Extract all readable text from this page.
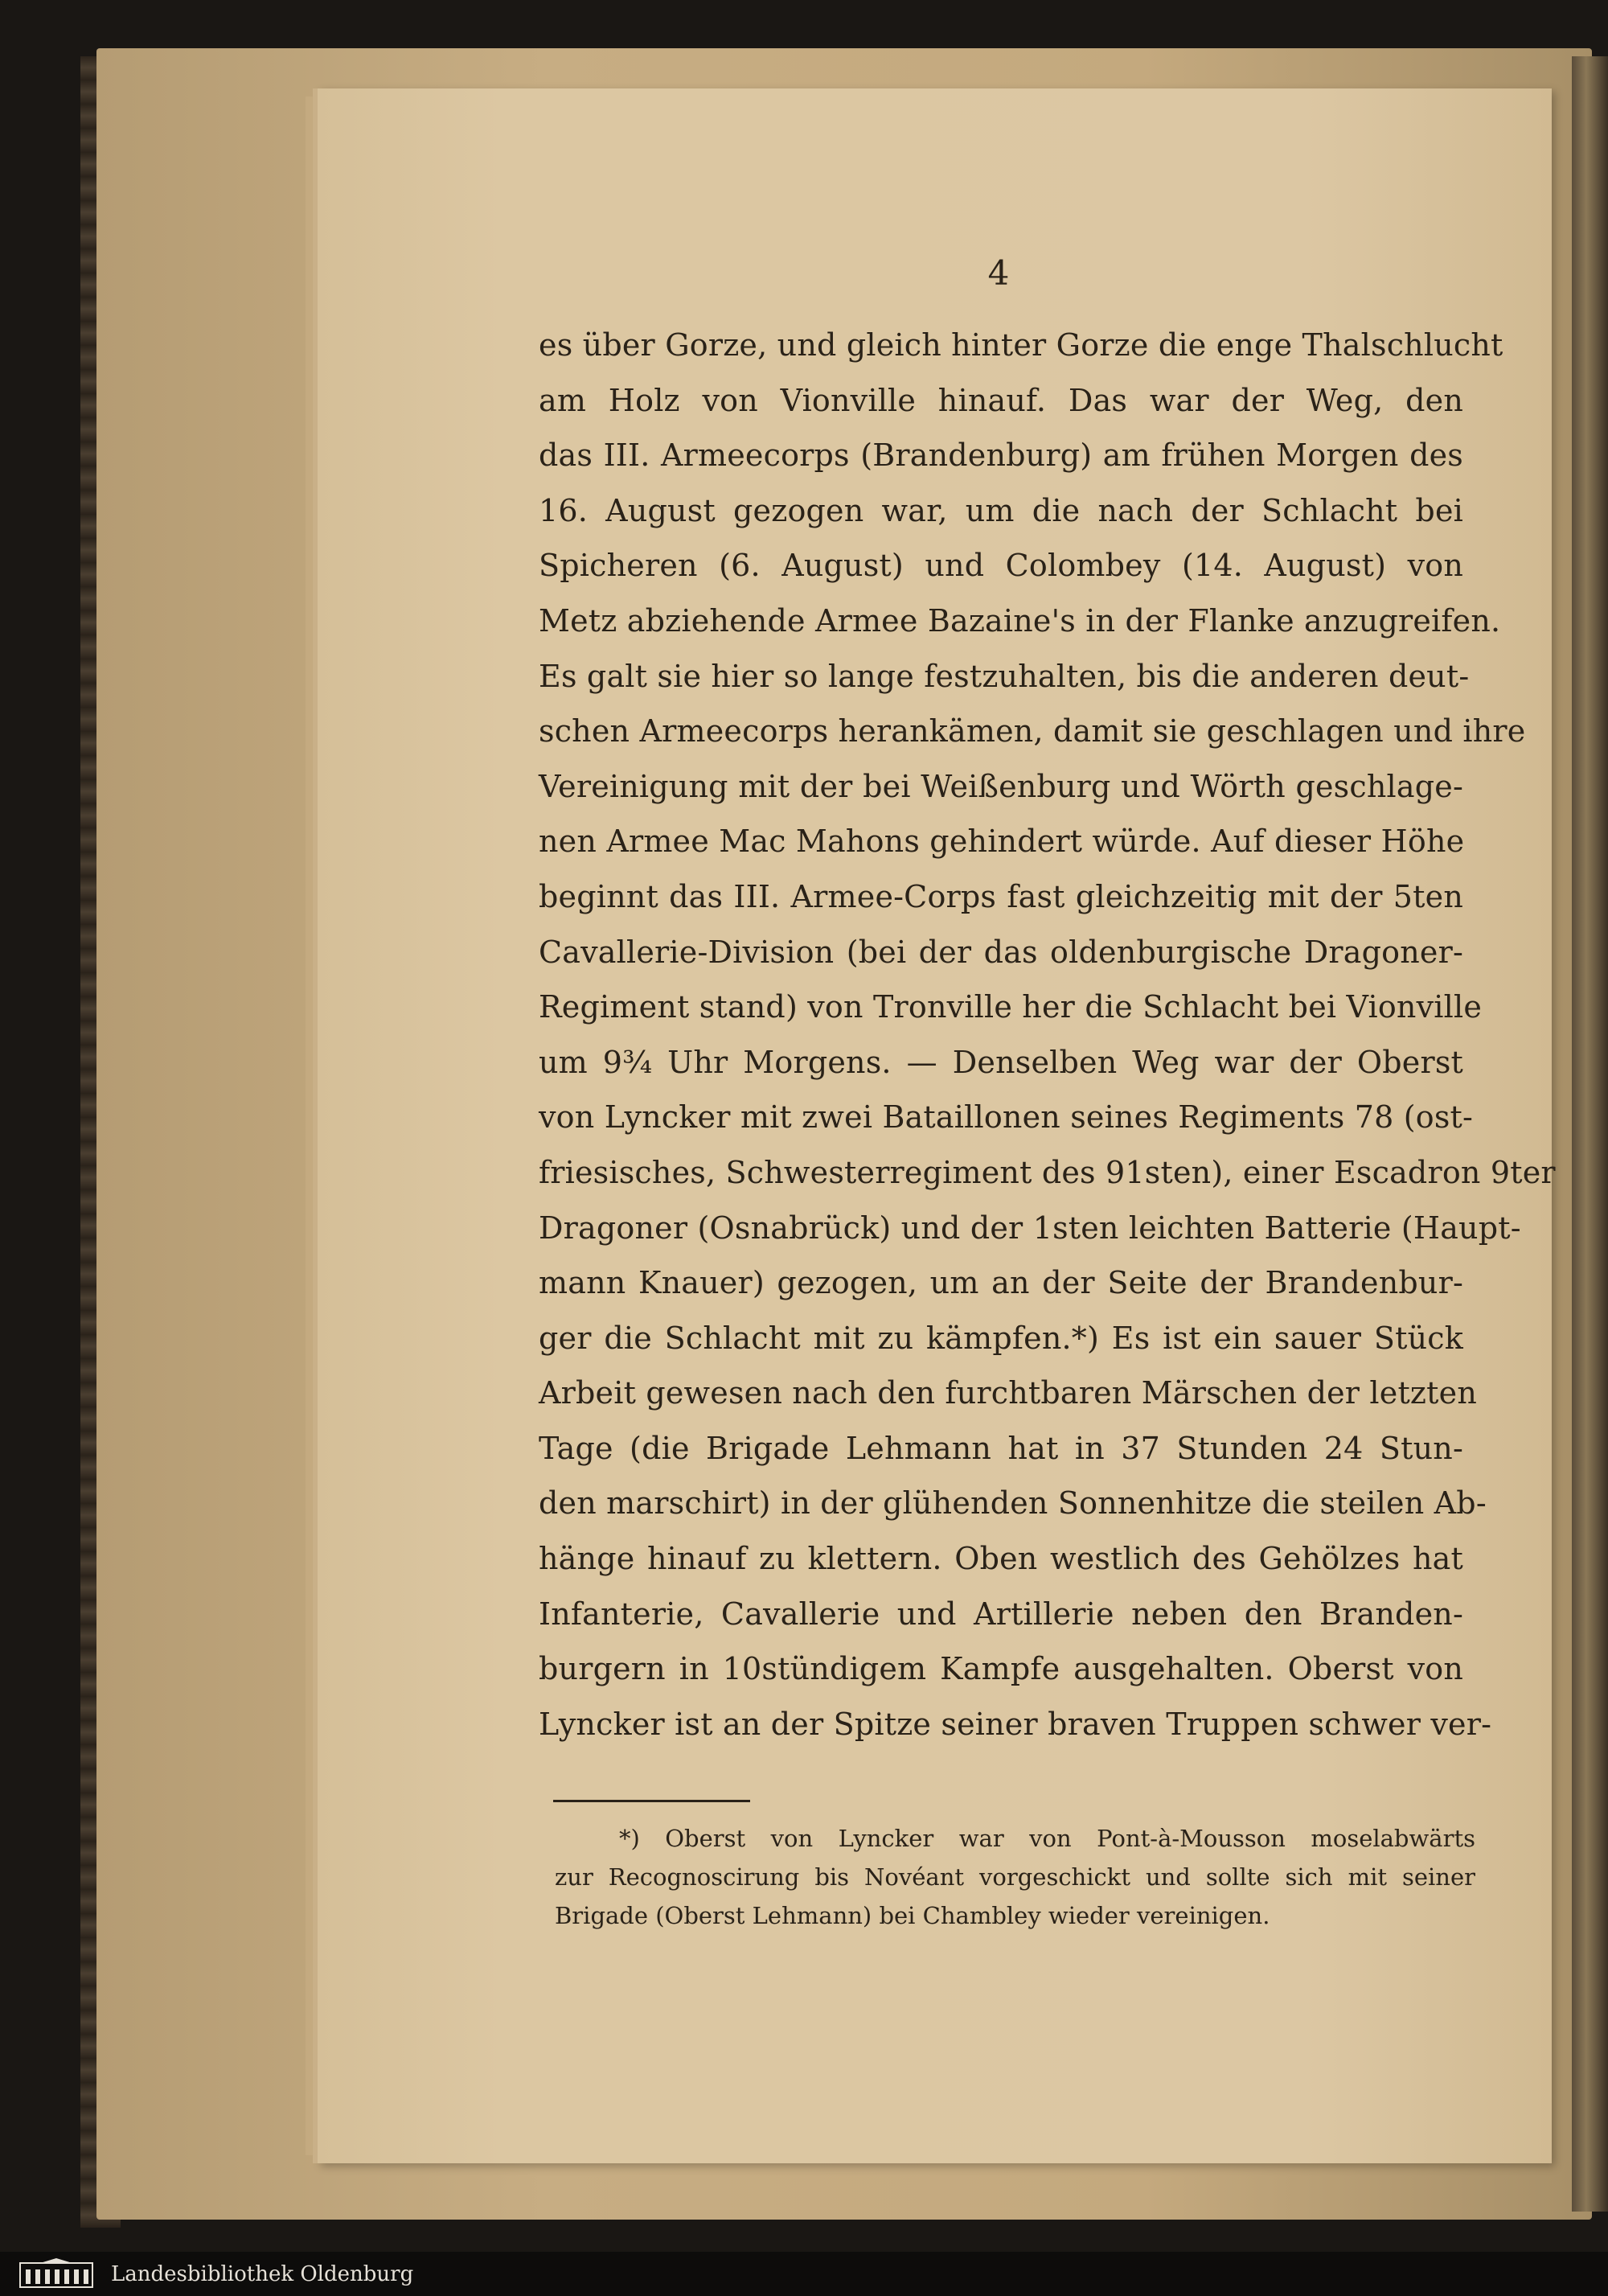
4
es über Gorze, und gleich hinter Gorze die enge Thalschlucht
am Holz von Vionville hinauf. Das war der Weg, den
das III. Armeecorps (Brandenburg) am frühen Morgen des
16. August gezogen war, um die nach der Schlacht bei
Spicheren (6. August) und Colombey (14. August) von
Metz abziehende Armee Bazaine's in der Flanke anzugreifen.
Es galt sie hier so lange festzuhalten, bis die anderen deut-
schen Armeecorps herankämen, damit sie geschlagen und ihre
Vereinigung mit der bei Weißenburg und Wörth geschlage-
nen Armee Mac Mahons gehindert würde. Auf dieser Höhe
beginnt das III. Armee-Corps fast gleichzeitig mit der 5ten
Cavallerie-Division (bei der das oldenburgische Dragoner-
Regiment stand) von Tronville her die Schlacht bei Vionville
um 9¾ Uhr Morgens. — Denselben Weg war der Oberst
von Lyncker mit zwei Bataillonen seines Regiments 78 (ost-
friesisches, Schwesterregiment des 91sten), einer Escadron 9ter
Dragoner (Osnabrück) und der 1sten leichten Batterie (Haupt-
mann Knauer) gezogen, um an der Seite der Brandenbur-
ger die Schlacht mit zu kämpfen.*) Es ist ein sauer Stück
Arbeit gewesen nach den furchtbaren Märschen der letzten
Tage (die Brigade Lehmann hat in 37 Stunden 24 Stun-
den marschirt) in der glühenden Sonnenhitze die steilen Ab-
hänge hinauf zu klettern. Oben westlich des Gehölzes hat
Infanterie, Cavallerie und Artillerie neben den Branden-
burgern in 10stündigem Kampfe ausgehalten. Oberst von
Lyncker ist an der Spitze seiner braven Truppen schwer ver-
*) Oberst von Lyncker war von Pont-à-Mousson moselabwärts
zur Recognoscirung bis Novéant vorgeschickt und sollte sich mit seiner
Brigade (Oberst Lehmann) bei Chambley wieder vereinigen.
Landesbibliothek Oldenburg
